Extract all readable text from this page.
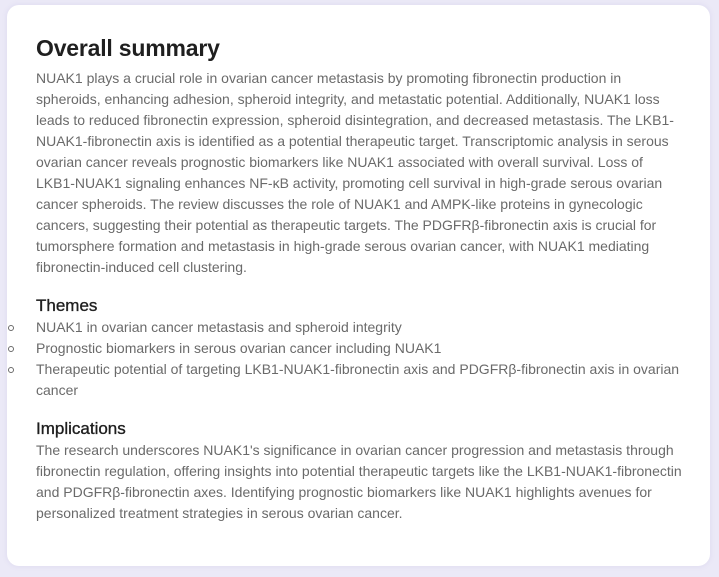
Overall summary

NUAK1 plays a crucial role in ovarian cancer metastasis by promoting fibronectin production in spheroids, enhancing adhesion, spheroid integrity, and metastatic potential. Additionally, NUAK1 loss leads to reduced fibronectin expression, spheroid disintegration, and decreased metastasis. The LKB1-NUAK1-fibronectin axis is identified as a potential therapeutic target. Transcriptomic analysis in serous ovarian cancer reveals prognostic biomarkers like NUAK1 associated with overall survival. Loss of LKB1-NUAK1 signaling enhances NF-κB activity, promoting cell survival in high-grade serous ovarian cancer spheroids. The review discusses the role of NUAK1 and AMPK-like proteins in gynecologic cancers, suggesting their potential as therapeutic targets. The PDGFRβ-fibronectin axis is crucial for tumorsphere formation and metastasis in high-grade serous ovarian cancer, with NUAK1 mediating fibronectin-induced cell clustering.

Themes
NUAK1 in ovarian cancer metastasis and spheroid integrity
Prognostic biomarkers in serous ovarian cancer including NUAK1
Therapeutic potential of targeting LKB1-NUAK1-fibronectin axis and PDGFRβ-fibronectin axis in ovarian cancer
Implications

The research underscores NUAK1's significance in ovarian cancer progression and metastasis through fibronectin regulation, offering insights into potential therapeutic targets like the LKB1-NUAK1-fibronectin and PDGFRβ-fibronectin axes. Identifying prognostic biomarkers like NUAK1 highlights avenues for personalized treatment strategies in serous ovarian cancer.
